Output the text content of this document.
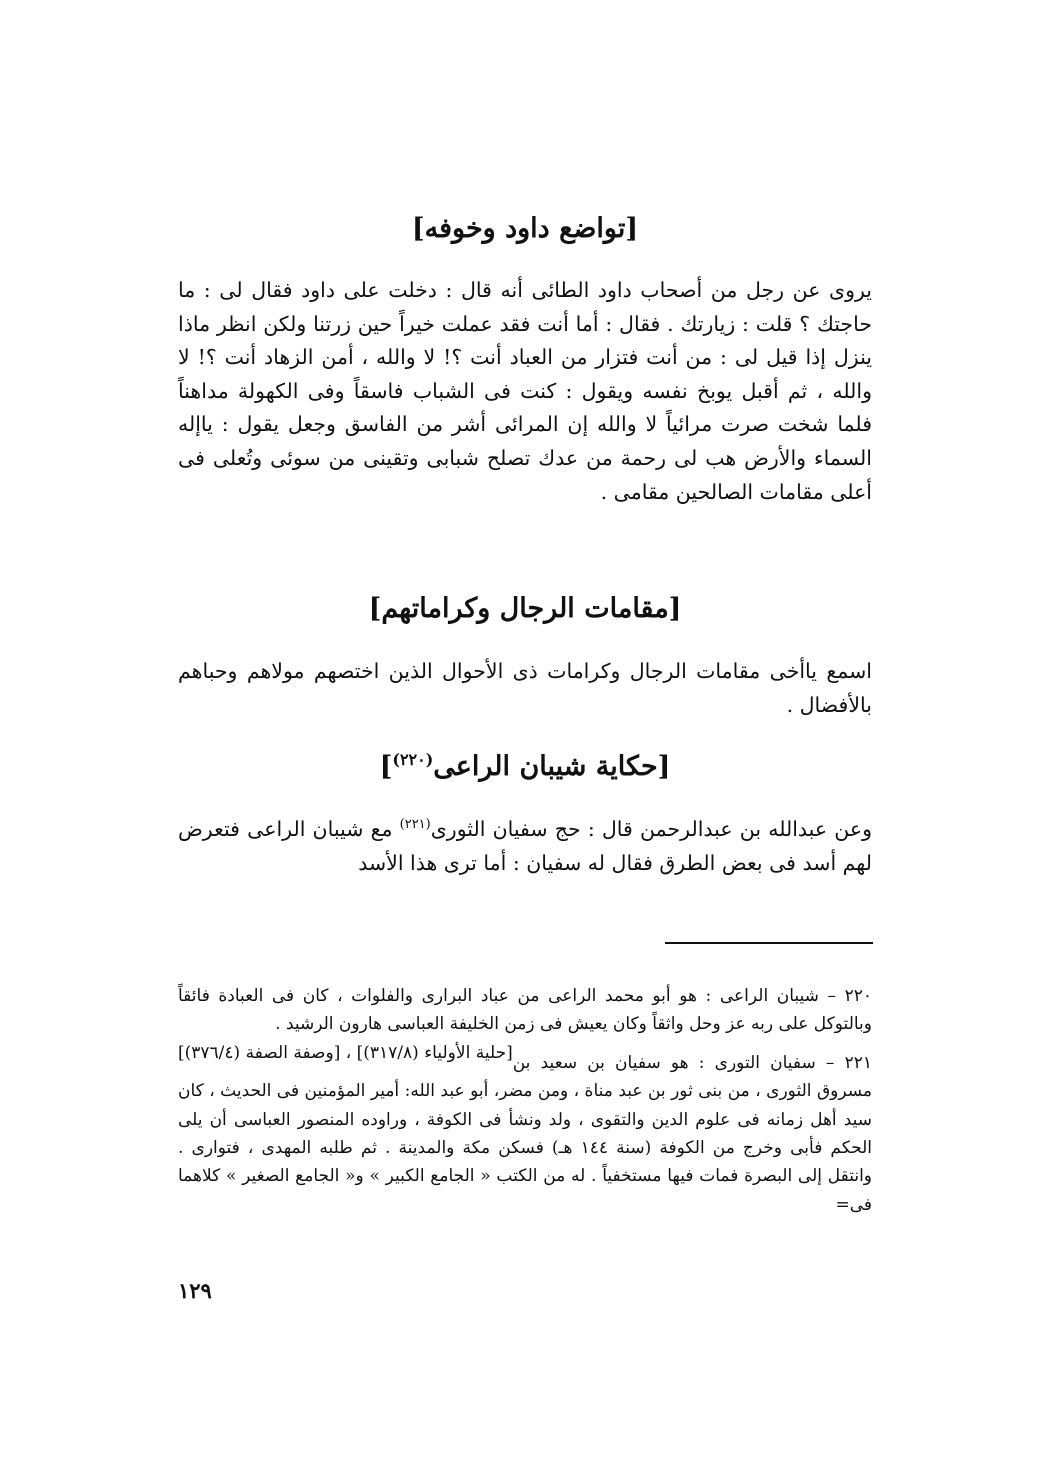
[تواضع داود وخوفه]

يروى عن رجل من أصحاب داود الطائى أنه قال : دخلت على داود فقال لى : ما حاجتك ؟ قلت : زيارتك . فقال : أما أنت فقد عملت خيراً حين زرتنا ولكن انظر ماذا ينزل إذا قيل لى : من أنت فتزار من العباد أنت ؟! لا والله ، أمن الزهاد أنت ؟! لا والله ، ثم أقبل يوبخ نفسه ويقول : كنت فى الشباب فاسقاً وفى الكهولة مداهناً فلما شخت صرت مرائياً لا والله إن المرائى أشر من الفاسق وجعل يقول : ياإله السماء والأرض هب لى رحمة من عدك تصلح شبابى وتقينى من سوئى وتُعلى فى أعلى مقامات الصالحين مقامى .

[مقامات الرجال وكراماتهم]

اسمع ياأخى مقامات الرجال وكرامات ذى الأحوال الذين اختصهم مولاهم وحباهم بالأفضال .

[حكاية شيبان الراعى$^{(٢٢٠)}$]

وعن عبدالله بن عبدالرحمن قال : حج سفيان الثورى$^{(٢٢١)}$ مع شيبان الراعى فتعرض لهم أسد فى بعض الطرق فقال له سفيان : أما ترى هذا الأسد

٢٢٠ – شيبان الراعى : هو أبو محمد الراعى من عباد البرارى والفلوات ، كان فى العبادة فائقاً وبالتوكل على ربه عز وحل واثقاً وكان يعيش فى زمن الخليفة العباسى هارون الرشيد .
[حلية الأولياء (٣١٧/٨)] ، [وصفة الصفة (٣٧٦/٤)] ٢٢١ – سفيان التورى : هو سفيان بن سعيد بن مسروق الثورى ، من بنى ثور بن عبد مناة ، ومن مضر، أبو عبد الله: أمير المؤمنين فى الحديث ، كان سيد أهل زمانه فى علوم الدين والتقوى ، ولد ونشأ فى الكوفة ، وراوده المنصور العباسى أن يلى الحكم فأبى وخرج من الكوفة (سنة ١٤٤ هـ) فسكن مكة والمدينة . ثم طلبه المهدى ، فتوارى . وانتقل إلى البصرة فمات فيها مستخفياً . له من الكتب « الجامع الكبير » و« الجامع الصغير » كلاهما فى=

١٢٩
